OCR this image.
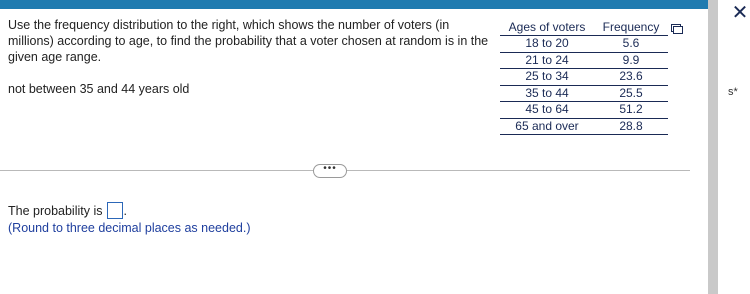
✕
s*
Use the frequency distribution to the right, which shows the number of voters (in millions) according to age, to find the probability that a voter chosen at random is in the given age range.
not between 35 and 44 years old
Ages of voters	Frequency
18 to 20	5.6
21 to 24	9.9
25 to 34	23.6
35 to 44	25.5
45 to 64	51.2
65 and over	28.8
•••
The probability is .
(Round to three decimal places as needed.)
